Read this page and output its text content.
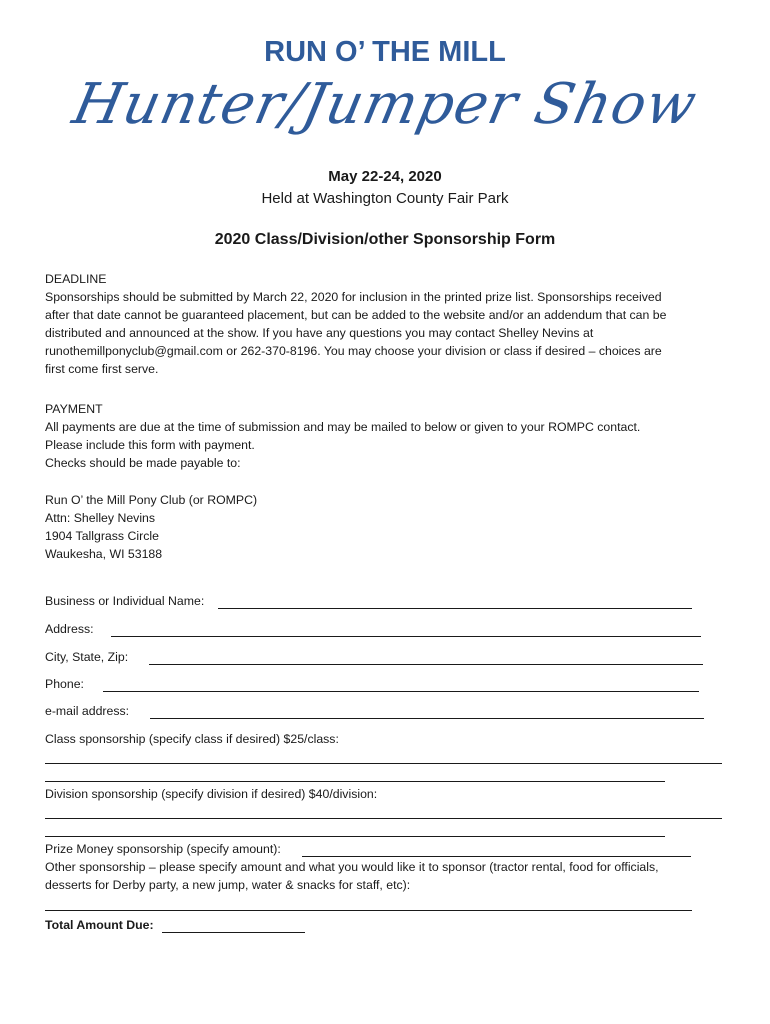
RUN O’ THE MILL
Hunter/Jumper Show
May 22-24, 2020
Held at Washington County Fair Park
2020 Class/Division/other Sponsorship Form

DEADLINE

Sponsorships should be submitted by March 22, 2020 for inclusion in the printed prize list. Sponsorships received

after that date cannot be guaranteed placement, but can be added to the website and/or an addendum that can be

distributed and announced at the show. If you have any questions you may contact Shelley Nevins at

runothemillponyclub@gmail.com or 262-370-8196. You may choose your division or class if desired – choices are

first come first serve.

PAYMENT

All payments are due at the time of submission and may be mailed to below or given to your ROMPC contact.

Please include this form with payment.

Checks should be made payable to:

Run O’ the Mill Pony Club (or ROMPC)

Attn: Shelley Nevins

1904 Tallgrass Circle

Waukesha, WI 53188

Business or Individual Name:
Address:
City, State, Zip:
Phone:
e-mail address:
Class sponsorship (specify class if desired) $25/class:
Division sponsorship (specify division if desired) $40/division:
Prize Money sponsorship (specify amount):
Other sponsorship – please specify amount and what you would like it to sponsor (tractor rental, food for officials,
desserts for Derby party, a new jump, water & snacks for staff, etc):
Total Amount Due:
